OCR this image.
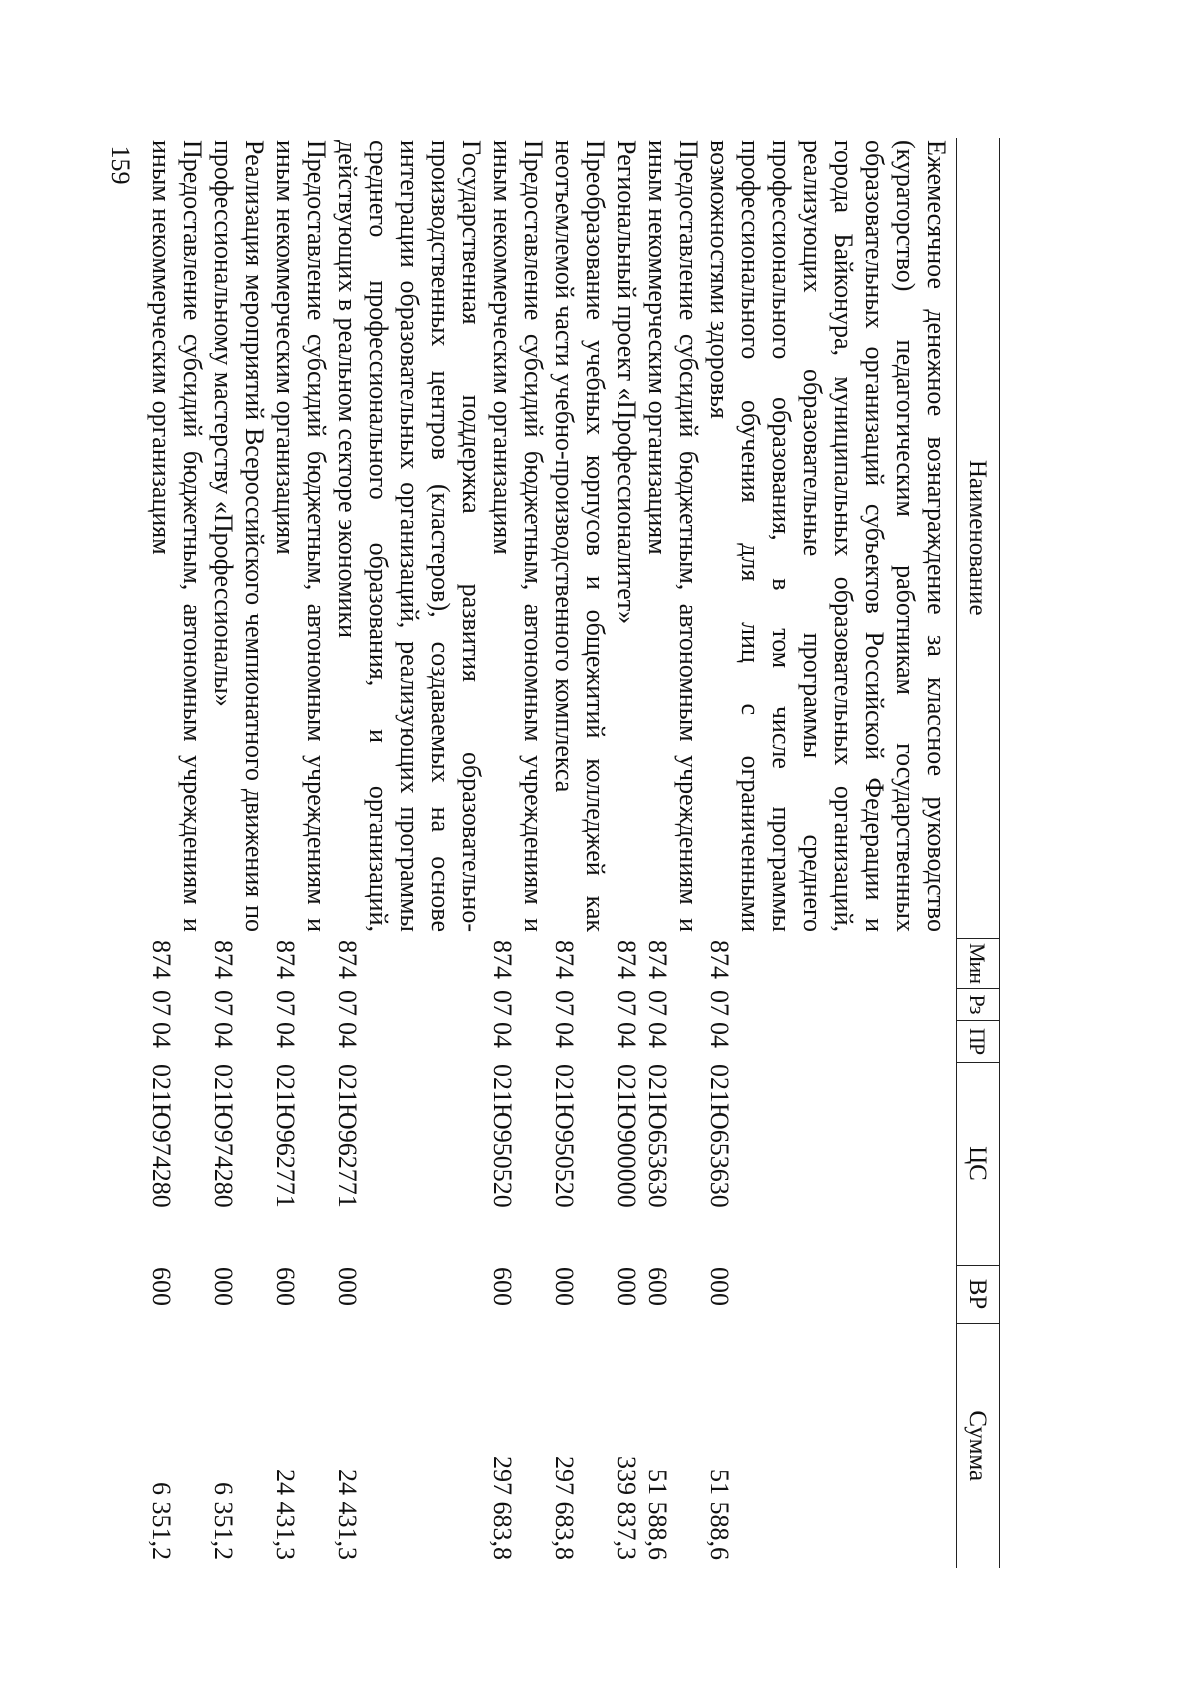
159
Наименование	Мин	Рз	ПР	ЦС	ВР	Сумма
Ежемесячное денежное вознаграждение за классное руководство (кураторство) педагогическим работникам государственных образовательных организаций субъектов Российской Федерации и города Байконура, муниципальных образовательных организаций, реализующих образовательные программы среднего профессионального образования, в том числе программы профессионального обучения для лиц с ограниченными возможностями здоровья	874	07	04	021Ю653630	000	51 588,6
Предоставление субсидий бюджетным, автономным учреждениям и иным некоммерческим организациям	874	07	04	021Ю653630	600	51 588,6
Региональный проект «Профессионалитет»	874	07	04	021Ю900000	000	339 837,3
Преобразование учебных корпусов и общежитий колледжей как неотъемлемой части учебно-производственного комплекса	874	07	04	021Ю950520	000	297 683,8
Предоставление субсидий бюджетным, автономным учреждениям и иным некоммерческим организациям	874	07	04	021Ю950520	600	297 683,8
Государственная поддержка развития образовательно-производственных центров (кластеров), создаваемых на основе интеграции образовательных организаций, реализующих программы среднего профессионального образования, и организаций, действующих в реальном секторе экономики	874	07	04	021Ю962771	000	24 431,3
Предоставление субсидий бюджетным, автономным учреждениям и иным некоммерческим организациям	874	07	04	021Ю962771	600	24 431,3
Реализация мероприятий Всероссийского чемпионатного движения по профессиональному мастерству «Профессионалы»	874	07	04	021Ю974280	000	6 351,2
Предоставление субсидий бюджетным, автономным учреждениям и иным некоммерческим организациям	874	07	04	021Ю974280	600	6 351,2
